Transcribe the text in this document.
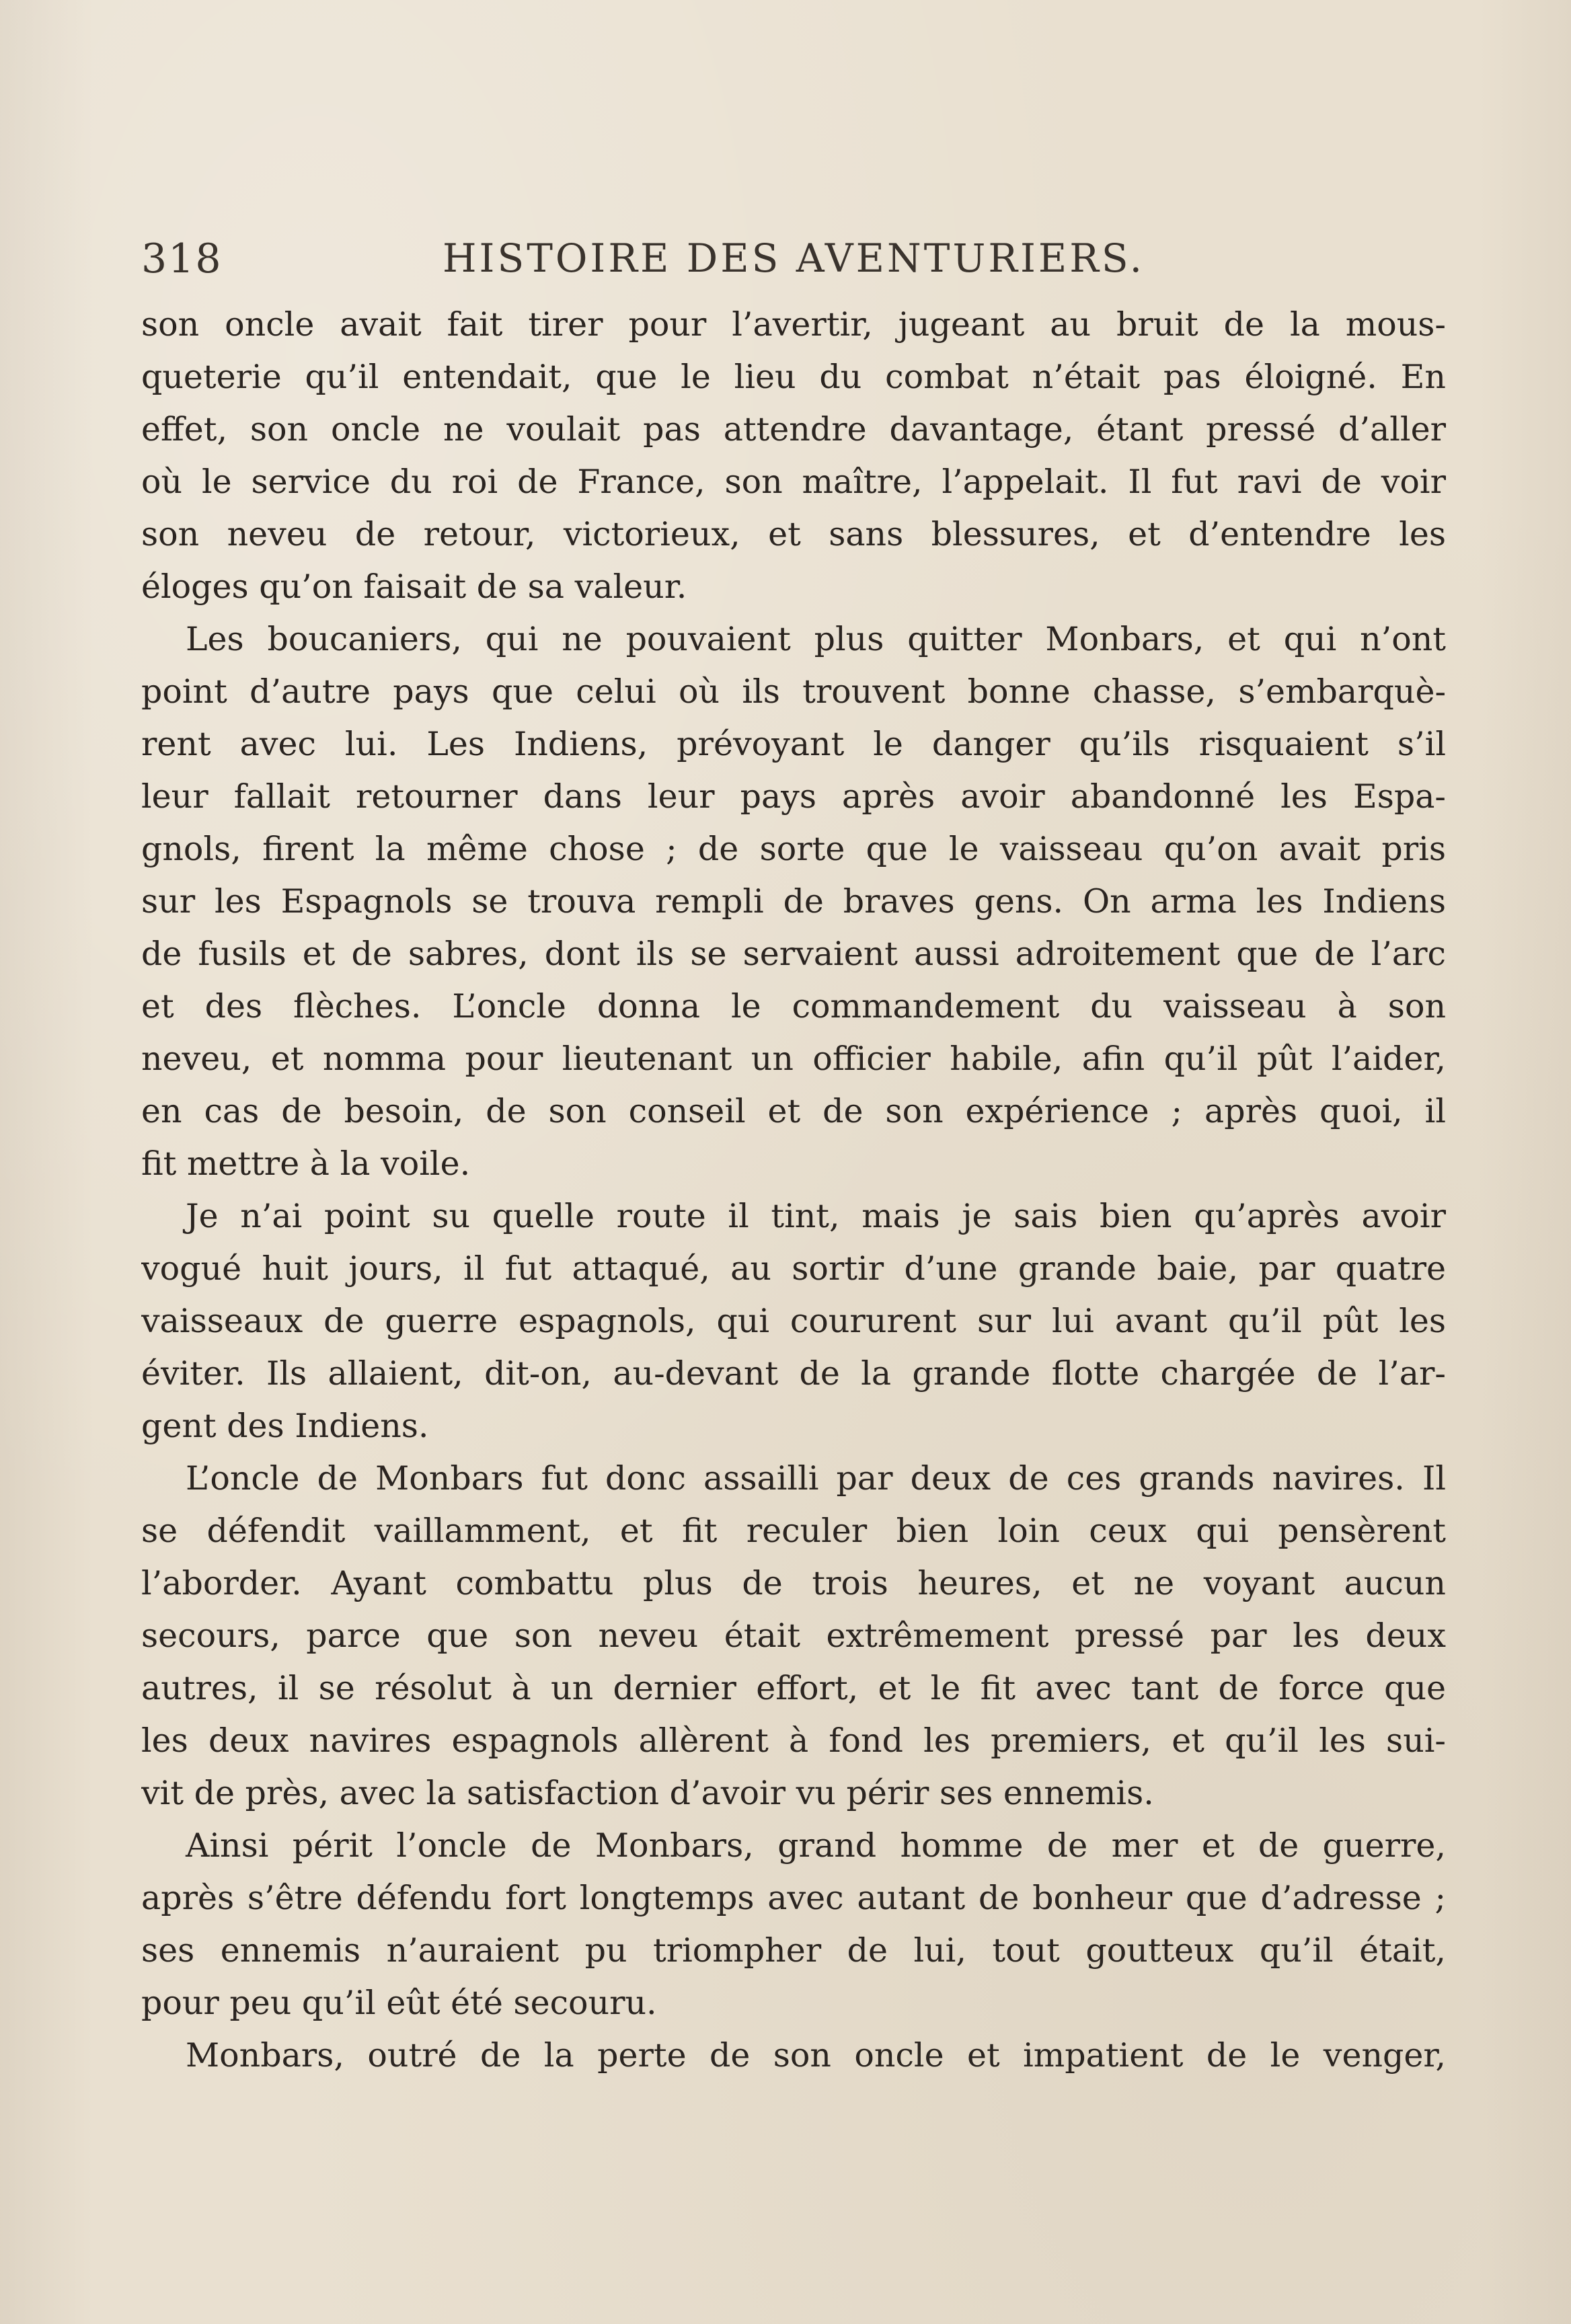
318	HISTOIRE DES AVENTURIERS.
son oncle avait fait tirer pour l’avertir, jugeant au bruit de la mous-
queterie qu’il entendait, que le lieu du combat n’était pas éloigné. En
effet, son oncle ne voulait pas attendre davantage, étant pressé d’aller
où le service du roi de France, son maître, l’appelait. Il fut ravi de voir
son neveu de retour, victorieux, et sans blessures, et d’entendre les
éloges qu’on faisait de sa valeur.
Les boucaniers, qui ne pouvaient plus quitter Monbars, et qui n’ont
point d’autre pays que celui où ils trouvent bonne chasse, s’embarquè-
rent avec lui. Les Indiens, prévoyant le danger qu’ils risquaient s’il
leur fallait retourner dans leur pays après avoir abandonné les Espa-
gnols, firent la même chose ; de sorte que le vaisseau qu’on avait pris
sur les Espagnols se trouva rempli de braves gens. On arma les Indiens
de fusils et de sabres, dont ils se servaient aussi adroitement que de l’arc
et des flèches. L’oncle donna le commandement du vaisseau à son
neveu, et nomma pour lieutenant un officier habile, afin qu’il pût l’aider,
en cas de besoin, de son conseil et de son expérience ; après quoi, il
fit mettre à la voile.
Je n’ai point su quelle route il tint, mais je sais bien qu’après avoir
vogué huit jours, il fut attaqué, au sortir d’une grande baie, par quatre
vaisseaux de guerre espagnols, qui coururent sur lui avant qu’il pût les
éviter. Ils allaient, dit-on, au-devant de la grande flotte chargée de l’ar-
gent des Indiens.
L’oncle de Monbars fut donc assailli par deux de ces grands navires. Il
se défendit vaillamment, et fit reculer bien loin ceux qui pensèrent
l’aborder. Ayant combattu plus de trois heures, et ne voyant aucun
secours, parce que son neveu était extrêmement pressé par les deux
autres, il se résolut à un dernier effort, et le fit avec tant de force que
les deux navires espagnols allèrent à fond les premiers, et qu’il les sui-
vit de près, avec la satisfaction d’avoir vu périr ses ennemis.
Ainsi périt l’oncle de Monbars, grand homme de mer et de guerre,
après s’être défendu fort longtemps avec autant de bonheur que d’adresse ;
ses ennemis n’auraient pu triompher de lui, tout goutteux qu’il était,
pour peu qu’il eût été secouru.
Monbars, outré de la perte de son oncle et impatient de le venger,
